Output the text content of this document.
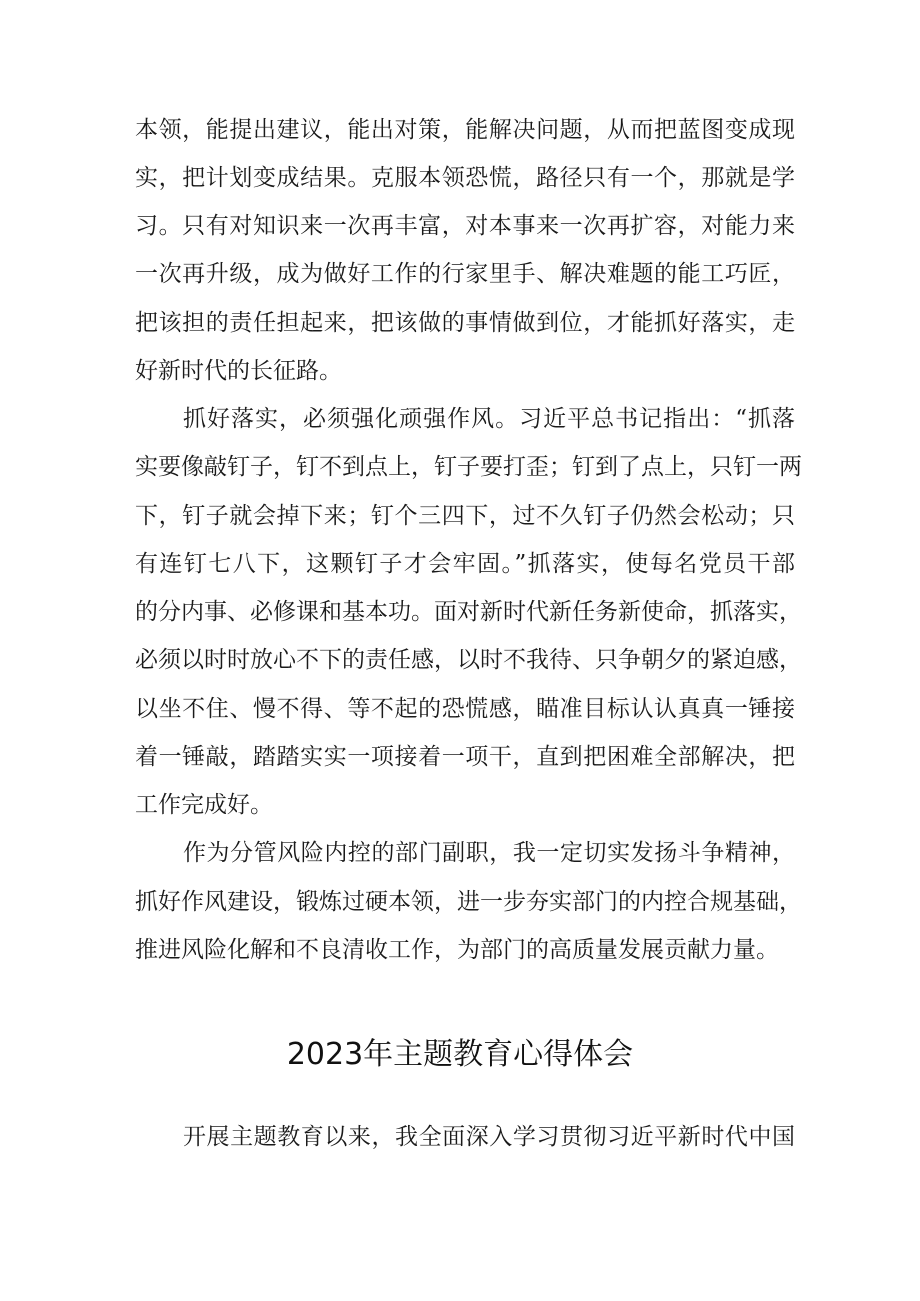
本领，能提出建议，能出对策，能解决问题，从而把蓝图变成现
实，把计划变成结果。克服本领恐慌，路径只有一个，那就是学
习。只有对知识来一次再丰富，对本事来一次再扩容，对能力来
一次再升级，成为做好工作的行家里手、解决难题的能工巧匠，
把该担的责任担起来，把该做的事情做到位，才能抓好落实，走
好新时代的长征路。
抓好落实，必须强化顽强作风。习近平总书记指出：“抓落
实要像敲钉子，钉不到点上，钉子要打歪；钉到了点上，只钉一两
下，钉子就会掉下来；钉个三四下，过不久钉子仍然会松动；只
有连钉七八下，这颗钉子才会牢固。”抓落实，使每名党员干部
的分内事、必修课和基本功。面对新时代新任务新使命，抓落实，
必须以时时放心不下的责任感，以时不我待、只争朝夕的紧迫感，
以坐不住、慢不得、等不起的恐慌感，瞄准目标认认真真一锤接
着一锤敲，踏踏实实一项接着一项干，直到把困难全部解决，把
工作完成好。
作为分管风险内控的部门副职，我一定切实发扬斗争精神，
抓好作风建设，锻炼过硬本领，进一步夯实部门的内控合规基础，
推进风险化解和不良清收工作，为部门的高质量发展贡献力量。
2023年主题教育心得体会
开展主题教育以来，我全面深入学习贯彻习近平新时代中国
